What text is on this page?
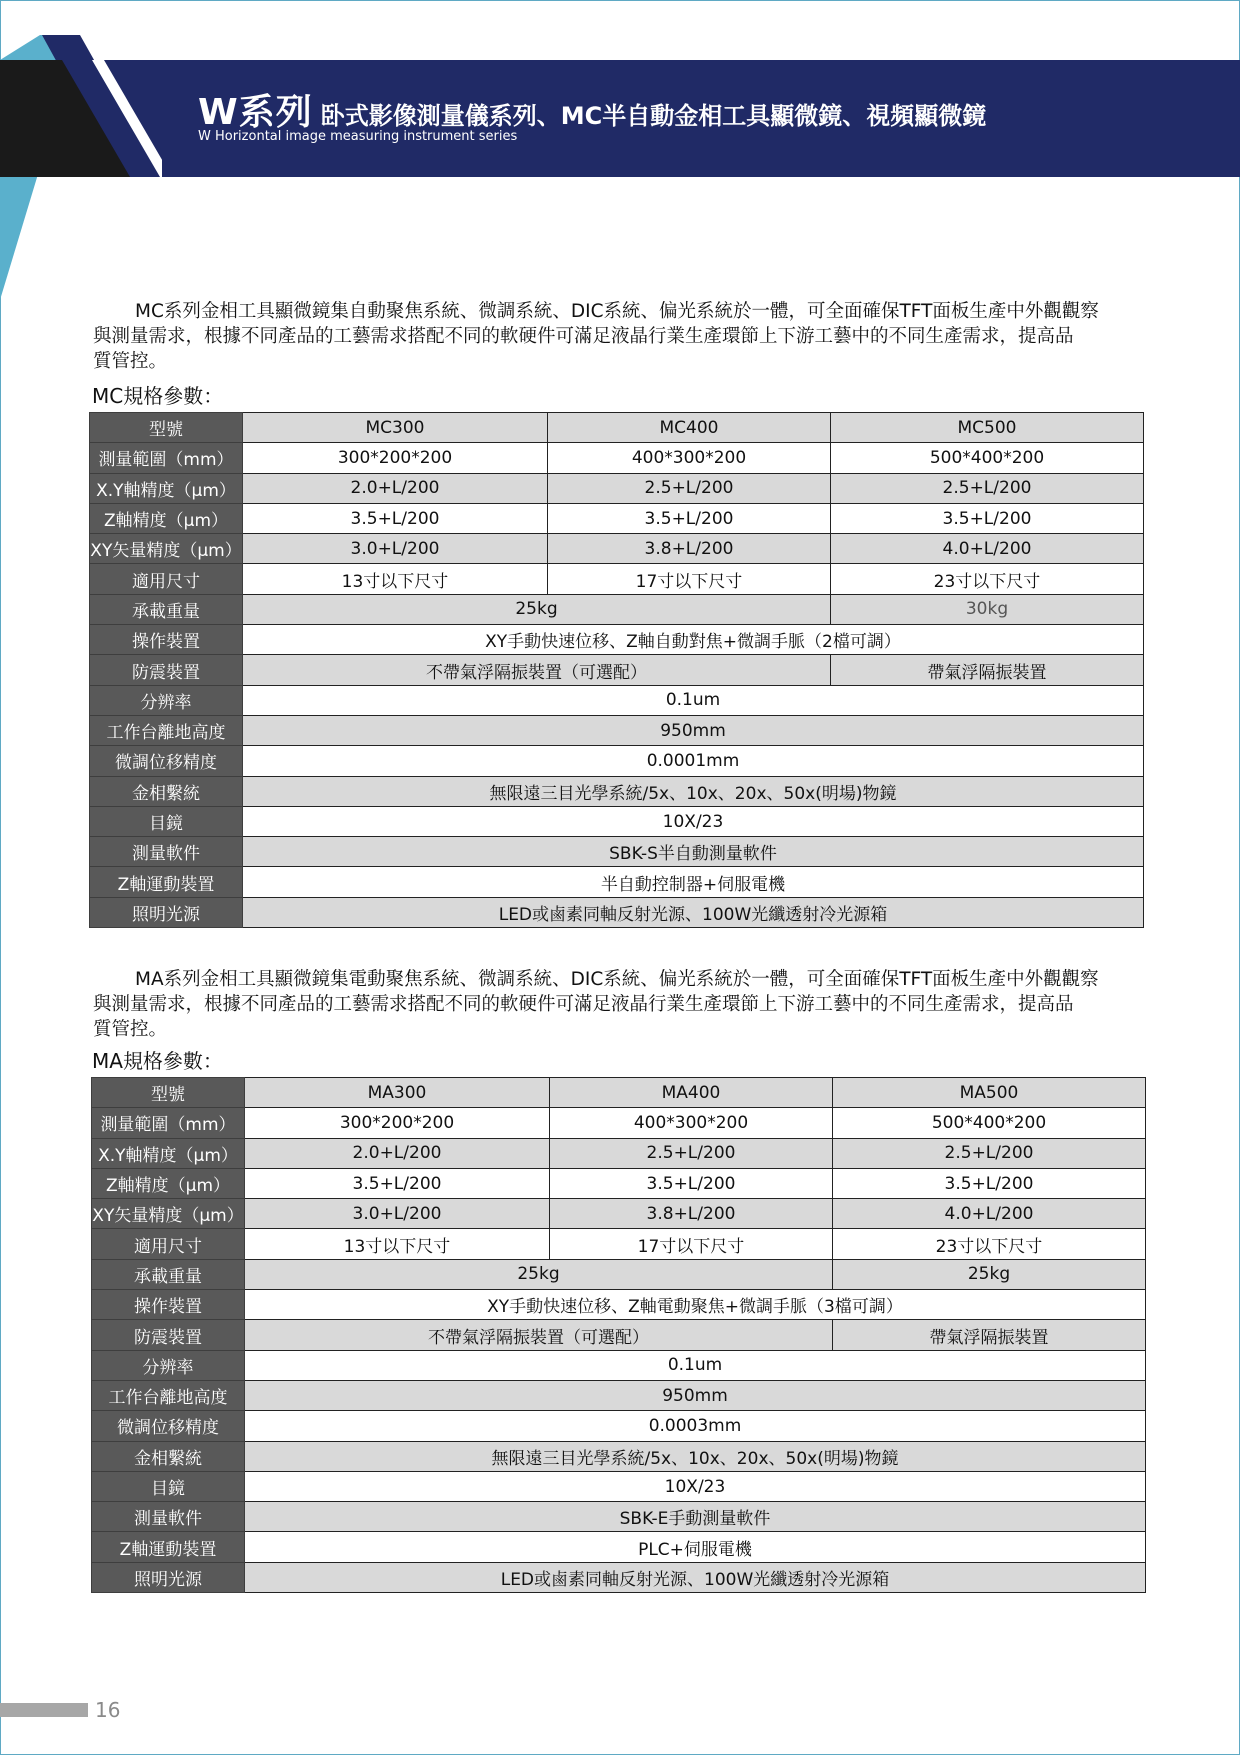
W系列 卧式影像測量儀系列、MC半自動金相工具顯微鏡、視頻顯微鏡
W Horizontal image measuring instrument series
MC系列金相工具顯微鏡集自動聚焦系統、微調系統、DIC系統、偏光系統於一體，可全面確保TFT面板生產中外觀觀察
與測量需求，根據不同產品的工藝需求搭配不同的軟硬件可滿足液晶行業生產環節上下游工藝中的不同生產需求，提高品
質管控。
MC規格參數：
型號	MC300	MC400	MC500
測量範圍（mm）	300*200*200	400*300*200	500*400*200
X.Y軸精度（μm）	2.0+L/200	2.5+L/200	2.5+L/200
Z軸精度（μm）	3.5+L/200	3.5+L/200	3.5+L/200
XY矢量精度（μm）	3.0+L/200	3.8+L/200	4.0+L/200
適用尺寸	13寸以下尺寸	17寸以下尺寸	23寸以下尺寸
承載重量	25kg		30kg
操作裝置	XY手動快速位移、Z軸自動對焦+微調手脈（2檔可調）		
防震裝置	不帶氣浮隔振裝置（可選配）		帶氣浮隔振裝置
分辨率	0.1um		
工作台離地高度	950mm		
微調位移精度	0.0001mm		
金相繫統	無限遠三目光學系統/5x、10x、20x、50x(明場)物鏡		
目鏡	10X/23		
測量軟件	SBK-S半自動測量軟件		
Z軸運動裝置	半自動控制器+伺服電機		
照明光源	LED或鹵素同軸反射光源、100W光纖透射冷光源箱		
MA系列金相工具顯微鏡集電動聚焦系統、微調系統、DIC系統、偏光系統於一體，可全面確保TFT面板生產中外觀觀察
與測量需求，根據不同產品的工藝需求搭配不同的軟硬件可滿足液晶行業生產環節上下游工藝中的不同生產需求，提高品
質管控。
MA規格參數：
型號	MA300	MA400	MA500
測量範圍（mm）	300*200*200	400*300*200	500*400*200
X.Y軸精度（μm）	2.0+L/200	2.5+L/200	2.5+L/200
Z軸精度（μm）	3.5+L/200	3.5+L/200	3.5+L/200
XY矢量精度（μm）	3.0+L/200	3.8+L/200	4.0+L/200
適用尺寸	13寸以下尺寸	17寸以下尺寸	23寸以下尺寸
承載重量	25kg		25kg
操作裝置	XY手動快速位移、Z軸電動聚焦+微調手脈（3檔可調）		
防震裝置	不帶氣浮隔振裝置（可選配）		帶氣浮隔振裝置
分辨率	0.1um		
工作台離地高度	950mm		
微調位移精度	0.0003mm		
金相繫統	無限遠三目光學系統/5x、10x、20x、50x(明場)物鏡		
目鏡	10X/23		
測量軟件	SBK-E手動測量軟件		
Z軸運動裝置	PLC+伺服電機		
照明光源	LED或鹵素同軸反射光源、100W光纖透射冷光源箱		
16
